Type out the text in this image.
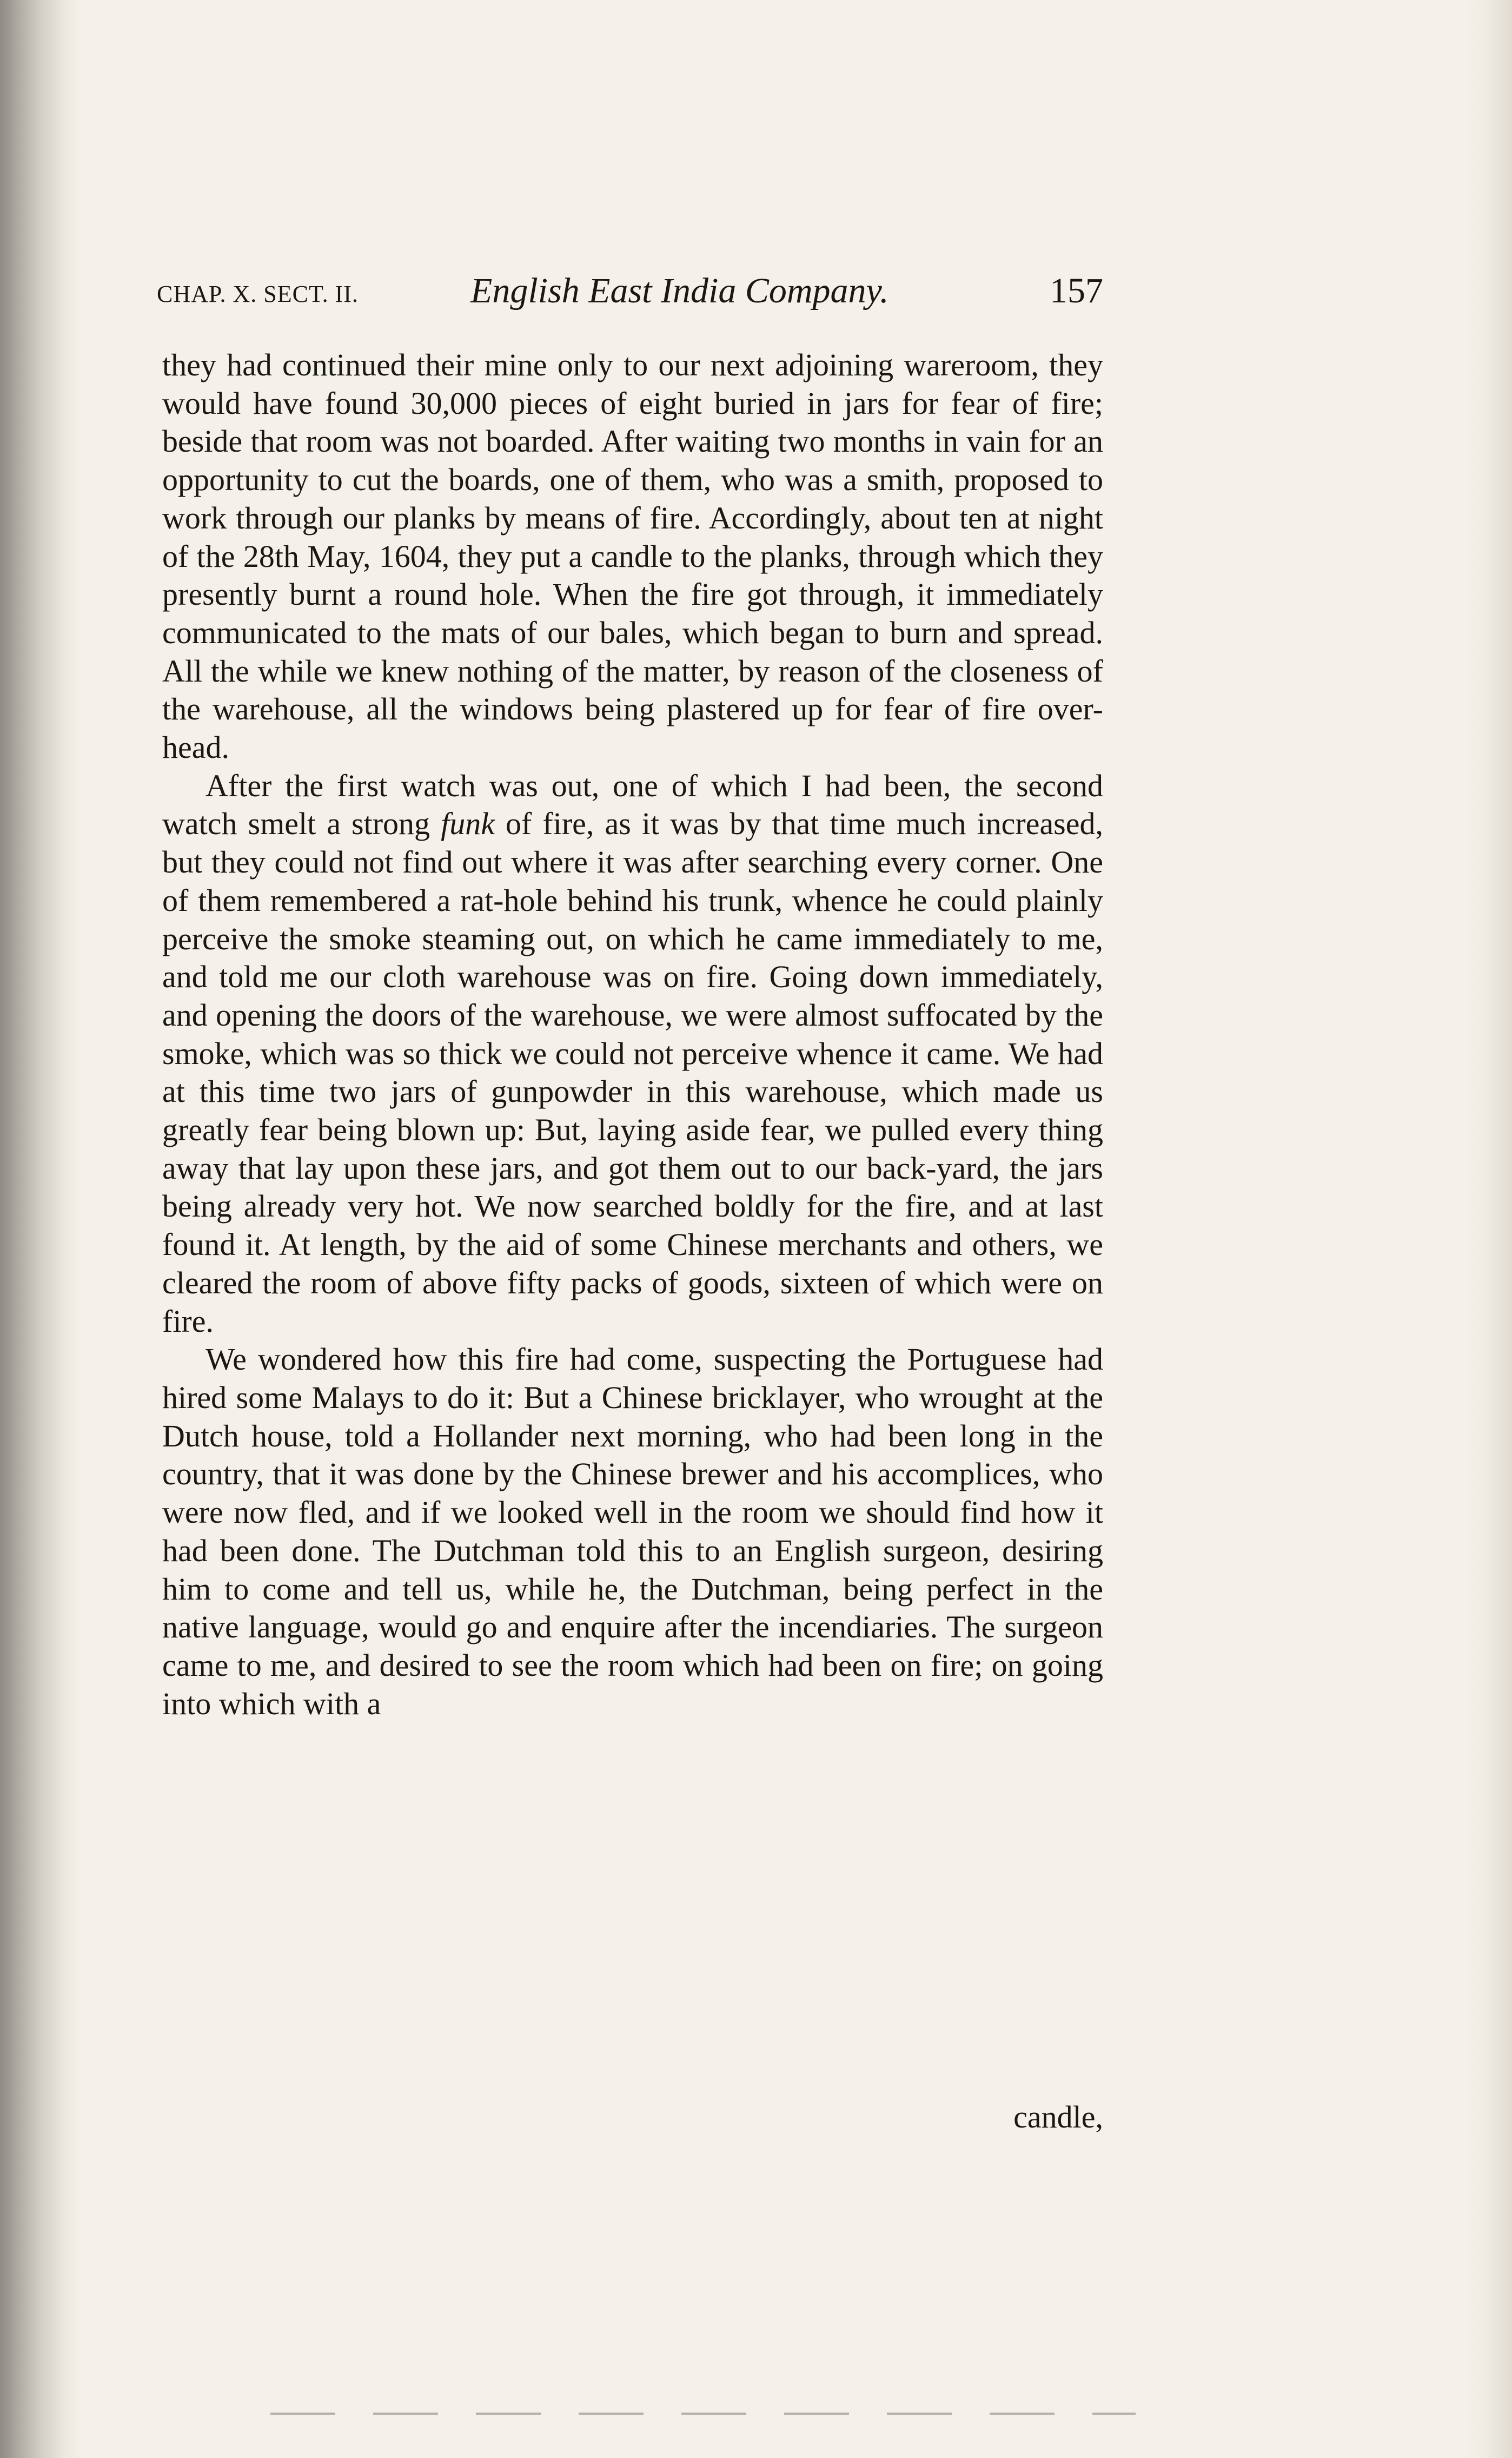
CHAP. X. SECT. II.	English East India Company.	157

they had continued their mine only to our next adjoining wareroom, they would have found 30,000 pieces of eight buried in jars for fear of fire; beside that room was not boarded. After waiting two months in vain for an opportunity to cut the boards, one of them, who was a smith, proposed to work through our planks by means of fire. Accordingly, about ten at night of the 28th May, 1604, they put a candle to the planks, through which they presently burnt a round hole. When the fire got through, it immediately communicated to the mats of our bales, which began to burn and spread. All the while we knew nothing of the matter, by reason of the closeness of the warehouse, all the windows being plastered up for fear of fire over-head.

After the first watch was out, one of which I had been, the second watch smelt a strong funk of fire, as it was by that time much increased, but they could not find out where it was after searching every corner. One of them remembered a rat-hole behind his trunk, whence he could plainly perceive the smoke steaming out, on which he came immediately to me, and told me our cloth warehouse was on fire. Going down immediately, and opening the doors of the warehouse, we were almost suffocated by the smoke, which was so thick we could not perceive whence it came. We had at this time two jars of gunpowder in this warehouse, which made us greatly fear being blown up: But, laying aside fear, we pulled every thing away that lay upon these jars, and got them out to our back-yard, the jars being already very hot. We now searched boldly for the fire, and at last found it. At length, by the aid of some Chinese merchants and others, we cleared the room of above fifty packs of goods, sixteen of which were on fire.

We wondered how this fire had come, suspecting the Portuguese had hired some Malays to do it: But a Chinese bricklayer, who wrought at the Dutch house, told a Hollander next morning, who had been long in the country, that it was done by the Chinese brewer and his accomplices, who were now fled, and if we looked well in the room we should find how it had been done. The Dutchman told this to an English surgeon, desiring him to come and tell us, while he, the Dutchman, being perfect in the native language, would go and enquire after the incendiaries. The surgeon came to me, and desired to see the room which had been on fire; on going into which with a

candle,
